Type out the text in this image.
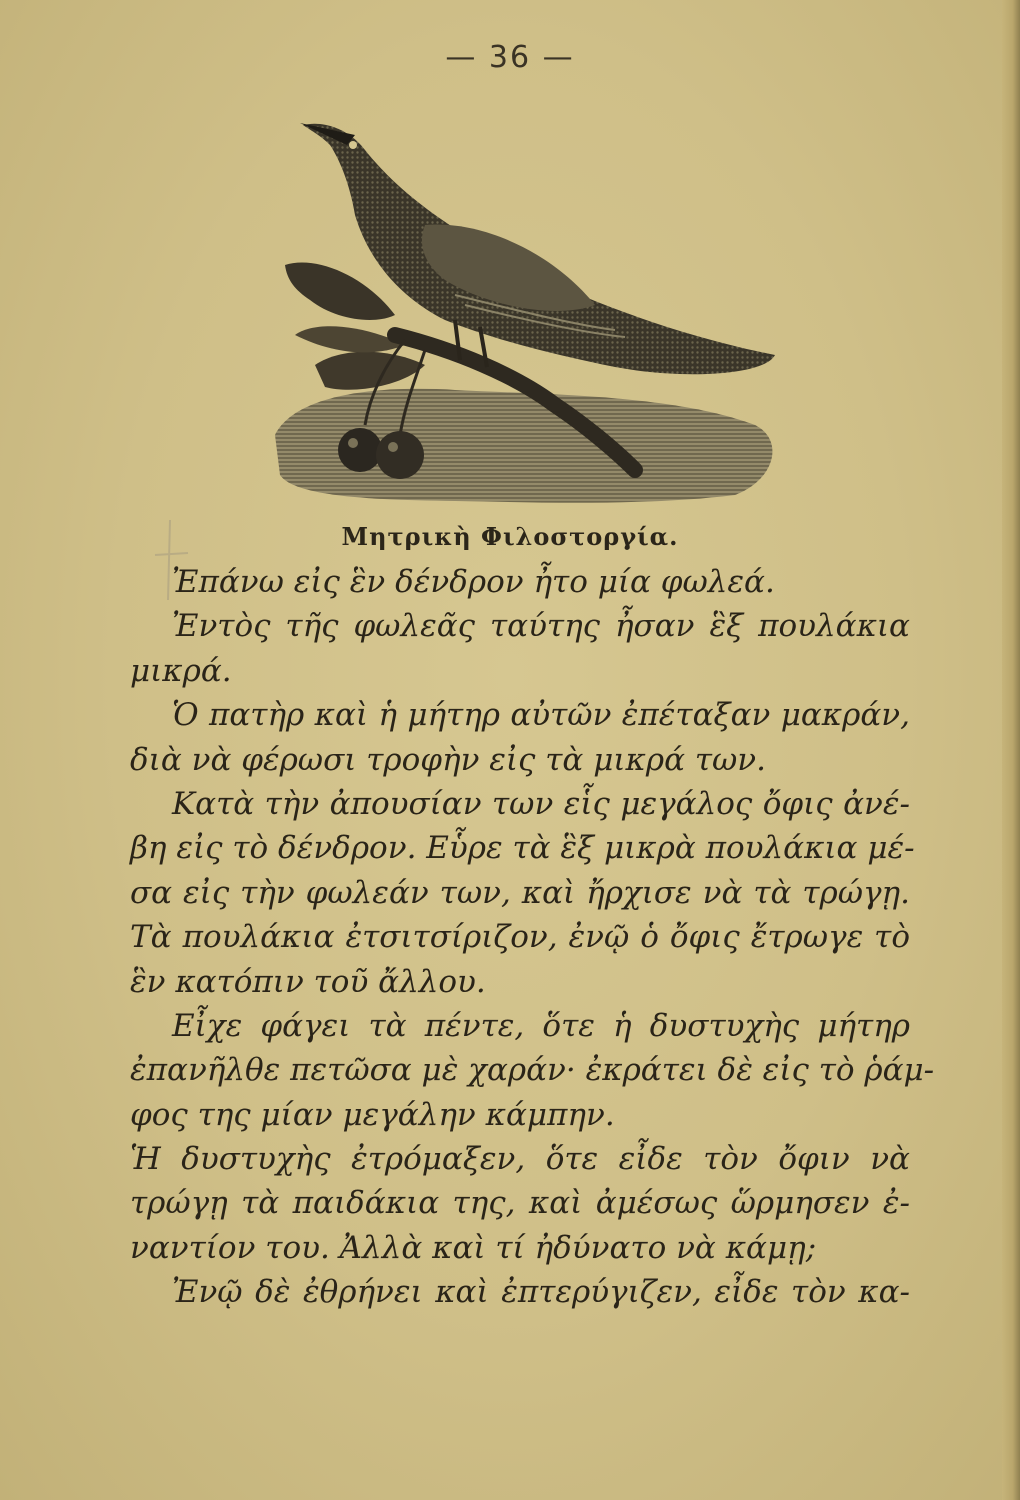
— 36 —
Μητρικὴ Φιλοστοργία.
Ἐπάνω εἰς ἓν δένδρον ἦτο μία φωλεά.
Ἐντὸς τῆς φωλεᾶς ταύτης ἦσαν ἓξ πουλάκια
μικρά.
Ὁ πατὴρ καὶ ἡ μήτηρ αὐτῶν ἐπέταξαν μακράν,
διὰ νὰ φέρωσι τροφὴν εἰς τὰ μικρά των.
Κατὰ τὴν ἀπουσίαν των εἷς μεγάλος ὄφις ἀνέ-
βη εἰς τὸ δένδρον. Εὗρε τὰ ἓξ μικρὰ πουλάκια μέ-
σα εἰς τὴν φωλεάν των, καὶ ἤρχισε νὰ τὰ τρώγῃ.
Τὰ πουλάκια ἐτσιτσίριζον, ἐνῷ ὁ ὄφις ἔτρωγε τὸ
ἓν κατόπιν τοῦ ἄλλου.
Εἶχε φάγει τὰ πέντε, ὅτε ἡ δυστυχὴς μήτηρ
ἐπανῆλθε πετῶσα μὲ χαράν· ἐκράτει δὲ εἰς τὸ ῥάμ-
φος της μίαν μεγάλην κάμπην.
Ἡ δυστυχὴς ἐτρόμαξεν, ὅτε εἶδε τὸν ὄφιν νὰ
τρώγῃ τὰ παιδάκια της, καὶ ἀμέσως ὥρμησεν ἐ-
ναντίον του. Ἀλλὰ καὶ τί ἠδύνατο νὰ κάμῃ;
Ἐνῷ δὲ ἐθρήνει καὶ ἐπτερύγιζεν, εἶδε τὸν κα-
